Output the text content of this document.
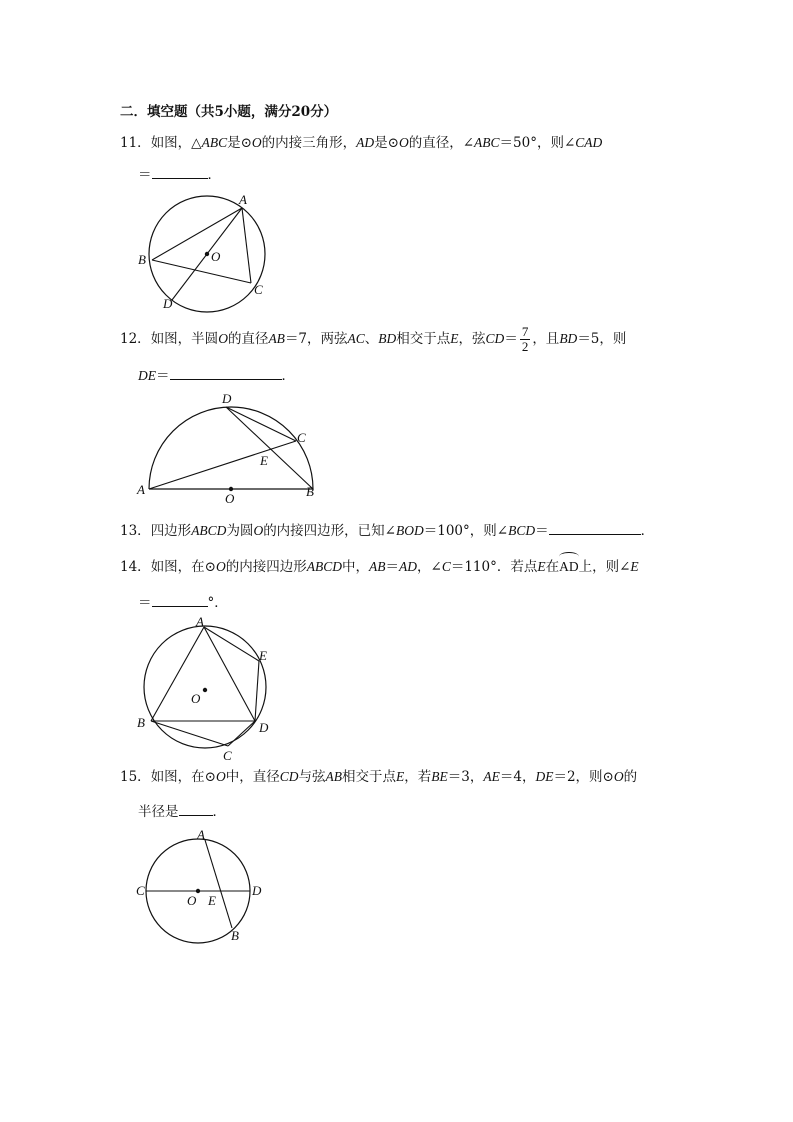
二．填空题（共5小题，满分20分）
11．如图，△ABC是⊙O的内接三角形，AD是⊙O的直径，∠ABC＝50°，则∠CAD
＝	．
A
B
C
D
O
12．如图，半圆O的直径AB＝7，两弦AC、BD相交于点E，弦$CD= \frac{7}{2}$ ，且BD＝5，则
DE＝	．
D
C
E
A	B
O
13．四边形ABCD为圆O的内接四边形，已知∠BOD＝100°，则∠BCD＝	．
14．如图，在⊙O的内接四边形ABCD中，AB＝AD，∠C＝110°．若点E在AD上，则∠E
＝	°．
A
E
O
B	D
C
15．如图，在⊙O中，直径CD与弦AB相交于点E，若BE＝3，AE＝4，DE＝2，则⊙O的
半径是	．
A
C	D
O E
B
